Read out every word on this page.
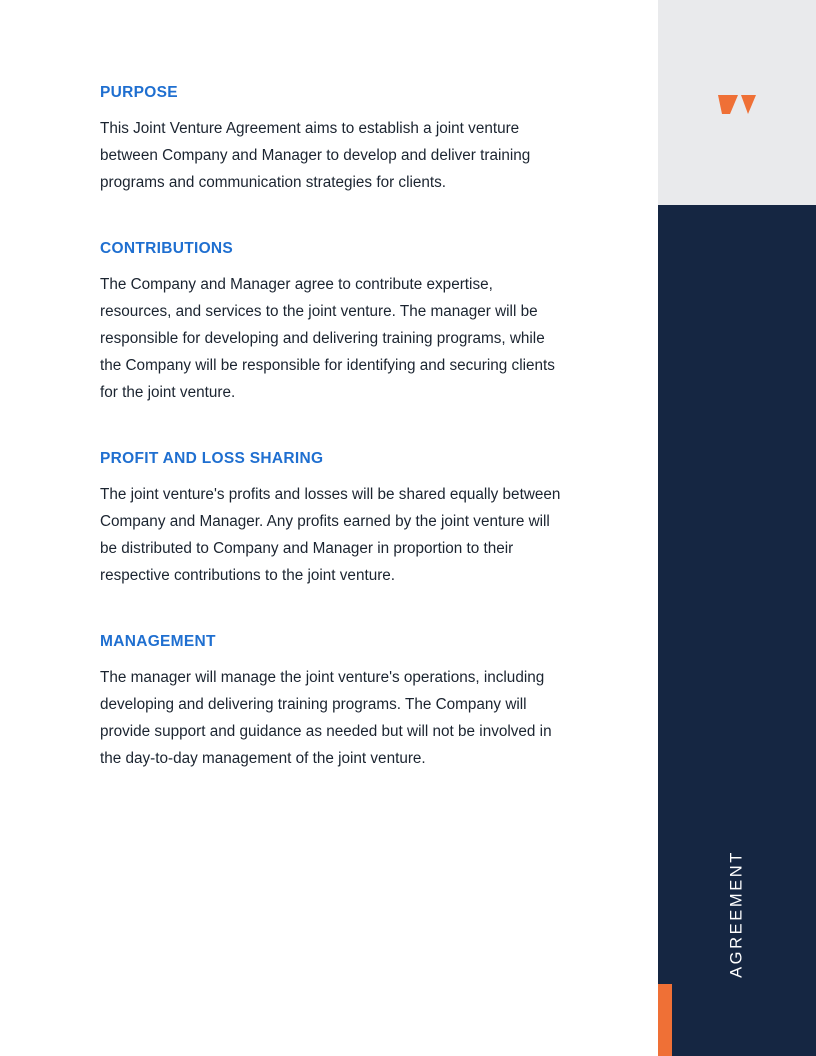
PURPOSE
This Joint Venture Agreement aims to establish a joint venture between Company and Manager to develop and deliver training programs and communication strategies for clients.
CONTRIBUTIONS
The Company and Manager agree to contribute expertise, resources, and services to the joint venture. The manager will be responsible for developing and delivering training programs, while the Company will be responsible for identifying and securing clients for the joint venture.
PROFIT AND LOSS SHARING
The joint venture's profits and losses will be shared equally between Company and Manager. Any profits earned by the joint venture will be distributed to Company and Manager in proportion to their respective contributions to the joint venture.
MANAGEMENT
The manager will manage the joint venture's operations, including developing and delivering training programs. The Company will provide support and guidance as needed but will not be involved in the day-to-day management of the joint venture.
AGREEMENT
